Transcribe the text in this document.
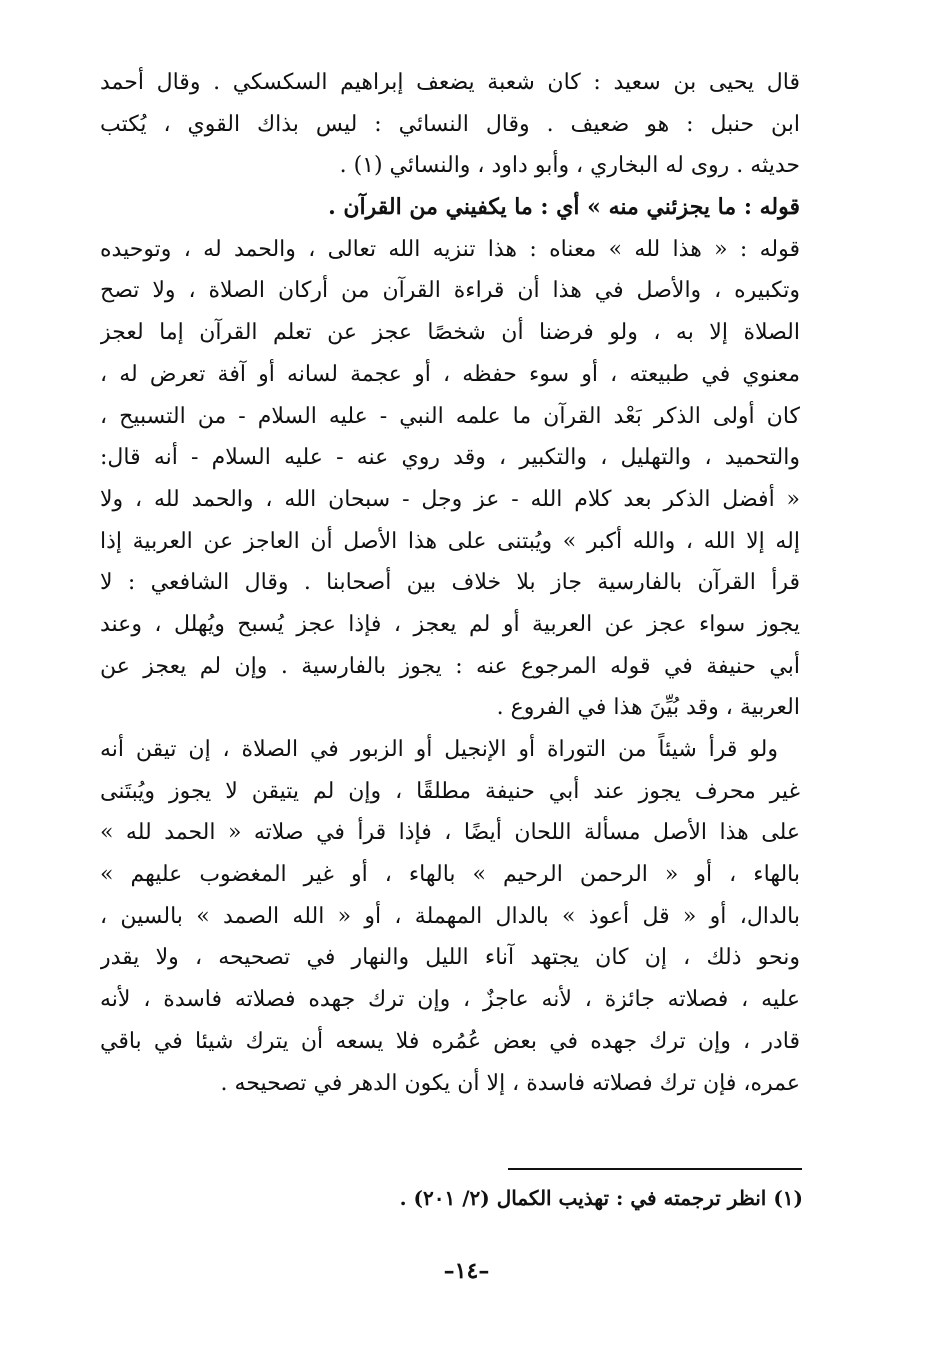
قال يحيى بن سعيد : كان شعبة يضعف إبراهيم السكسكي . وقال أحمد
ابن حنبل : هو ضعيف . وقال النسائي : ليس بذاك القوي ، يُكتب
حديثه . روى له البخاري ، وأبو داود ، والنسائي (١) .
قوله : ما يجزئني منه » أي : ما يكفيني من القرآن .
قوله : « هذا لله » معناه : هذا تنزيه الله تعالى ، والحمد له ، وتوحيده
وتكبيره ، والأصل في هذا أن قراءة القرآن من أركان الصلاة ، ولا تصح
الصلاة إلا به ، ولو فرضنا أن شخصًا عجز عن تعلم القرآن إما لعجز
معنوي في طبيعته ، أو سوء حفظه ، أو عجمة لسانه أو آفة تعرض له ،
كان أولى الذكر بَعْد القرآن ما علمه النبي - عليه السلام - من التسبيح ،
والتحميد ، والتهليل ، والتكبير ، وقد روي عنه - عليه السلام - أنه قال:
« أفضل الذكر بعد كلام الله - عز وجل - سبحان الله ، والحمد لله ، ولا
إله إلا الله ، والله أكبر » ويُبتنى على هذا الأصل أن العاجز عن العربية إذا
قرأ القرآن بالفارسية جاز بلا خلاف بين أصحابنا . وقال الشافعي : لا
يجوز سواء عجز عن العربية أو لم يعجز ، فإذا عجز يُسبح ويُهلل ، وعند
أبي حنيفة في قوله المرجوع عنه : يجوز بالفارسية . وإن لم يعجز عن
العربية ، وقد بُيِّنَ هذا في الفروع .
ولو قرأ شيئاً من التوراة أو الإنجيل أو الزبور في الصلاة ، إن تيقن أنه
غير محرف يجوز عند أبي حنيفة مطلقًا ، وإن لم يتيقن لا يجوز ويُبتَنى
على هذا الأصل مسألة اللحان أيضًا ، فإذا قرأ في صلاته « الحمد لله »
بالهاء ، أو « الرحمن الرحيم » بالهاء ، أو غير المغضوب عليهم »
بالدال، أو « قل أعوذ » بالدال المهملة ، أو « الله الصمد » بالسين ،
ونحو ذلك ، إن كان يجتهد آناء الليل والنهار في تصحيحه ، ولا يقدر
عليه ، فصلاته جائزة ، لأنه عاجزٌ ، وإن ترك جهده فصلاته فاسدة ، لأنه
قادر ، وإن ترك جهده في بعض عُمُره فلا يسعه أن يترك شيئا في باقي
عمره، فإن ترك فصلاته فاسدة ، إلا أن يكون الدهر في تصحيحه .
(١) انظر ترجمته في : تهذيب الكمال (٢/ ٢٠١) .
–١٤–
